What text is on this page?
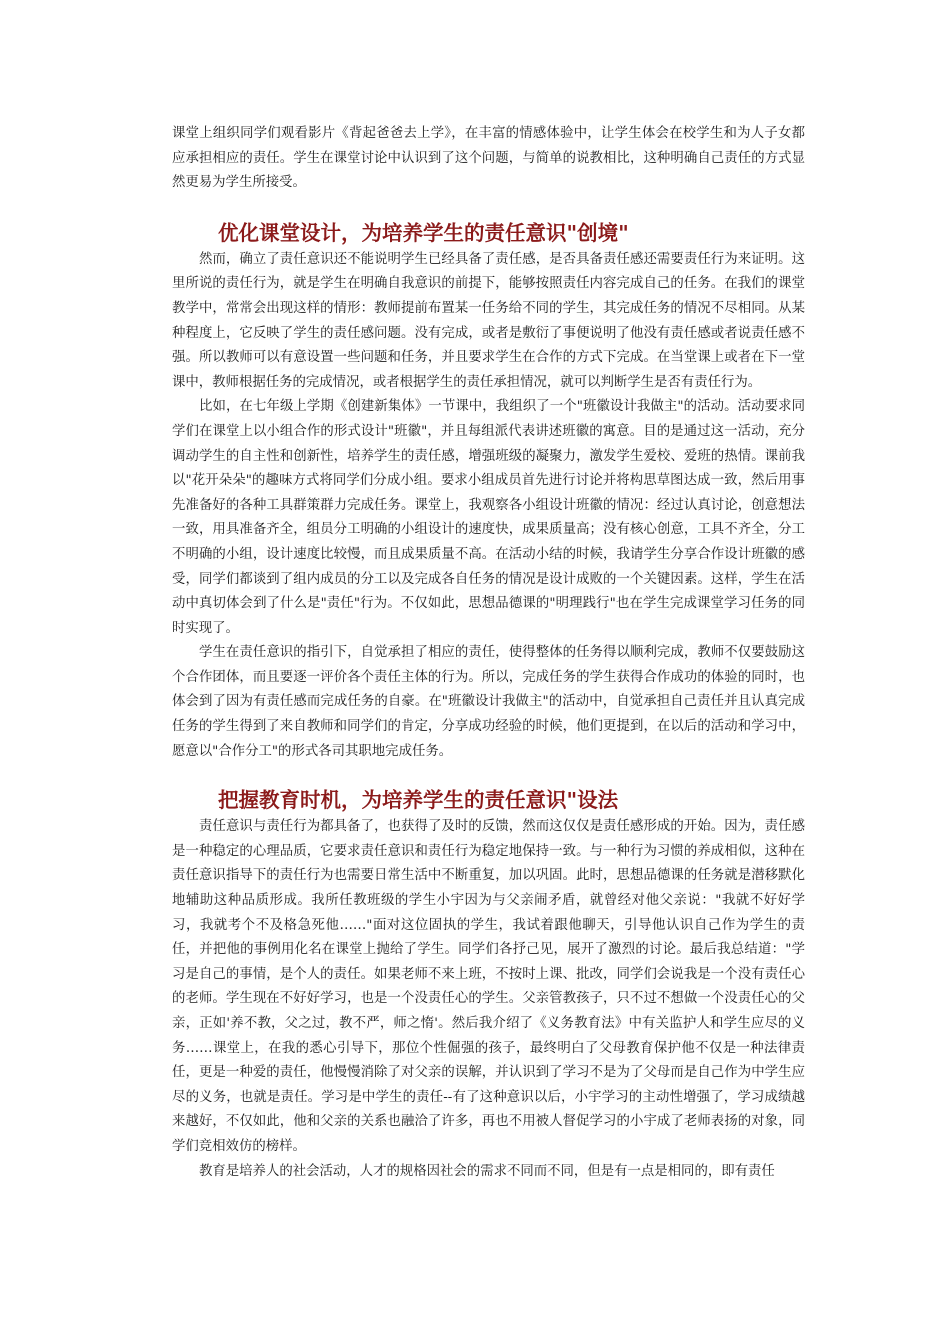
课堂上组织同学们观看影片《背起爸爸去上学》，在丰富的情感体验中，让学生体会在校学生和为人子女都应承担相应的责任。学生在课堂讨论中认识到了这个问题，与简单的说教相比，这种明确自己责任的方式显然更易为学生所接受。

优化课堂设计，为培养学生的责任意识"创境"

然而，确立了责任意识还不能说明学生已经具备了责任感，是否具备责任感还需要责任行为来证明。这里所说的责任行为，就是学生在明确自我意识的前提下，能够按照责任内容完成自己的任务。在我们的课堂教学中，常常会出现这样的情形：教师提前布置某一任务给不同的学生，其完成任务的情况不尽相同。从某种程度上，它反映了学生的责任感问题。没有完成，或者是敷衍了事便说明了他没有责任感或者说责任感不强。所以教师可以有意设置一些问题和任务，并且要求学生在合作的方式下完成。在当堂课上或者在下一堂课中，教师根据任务的完成情况，或者根据学生的责任承担情况，就可以判断学生是否有责任行为。

比如，在七年级上学期《创建新集体》一节课中，我组织了一个"班徽设计我做主"的活动。活动要求同学们在课堂上以小组合作的形式设计"班徽"，并且每组派代表讲述班徽的寓意。目的是通过这一活动，充分调动学生的自主性和创新性，培养学生的责任感，增强班级的凝聚力，激发学生爱校、爱班的热情。课前我以"花开朵朵"的趣味方式将同学们分成小组。要求小组成员首先进行讨论并将构思草图达成一致，然后用事先准备好的各种工具群策群力完成任务。课堂上，我观察各小组设计班徽的情况：经过认真讨论，创意想法一致，用具准备齐全，组员分工明确的小组设计的速度快，成果质量高；没有核心创意，工具不齐全，分工不明确的小组，设计速度比较慢，而且成果质量不高。在活动小结的时候，我请学生分享合作设计班徽的感受，同学们都谈到了组内成员的分工以及完成各自任务的情况是设计成败的一个关键因素。这样，学生在活动中真切体会到了什么是"责任"行为。不仅如此，思想品德课的"明理践行"也在学生完成课堂学习任务的同时实现了。

学生在责任意识的指引下，自觉承担了相应的责任，使得整体的任务得以顺利完成，教师不仅要鼓励这个合作团体，而且要逐一评价各个责任主体的行为。所以，完成任务的学生获得合作成功的体验的同时，也体会到了因为有责任感而完成任务的自豪。在"班徽设计我做主"的活动中，自觉承担自己责任并且认真完成任务的学生得到了来自教师和同学们的肯定，分享成功经验的时候，他们更提到，在以后的活动和学习中，愿意以"合作分工"的形式各司其职地完成任务。

把握教育时机，为培养学生的责任意识"设法

责任意识与责任行为都具备了，也获得了及时的反馈，然而这仅仅是责任感形成的开始。因为，责任感是一种稳定的心理品质，它要求责任意识和责任行为稳定地保持一致。与一种行为习惯的养成相似，这种在责任意识指导下的责任行为也需要日常生活中不断重复，加以巩固。此时，思想品德课的任务就是潜移默化地辅助这种品质形成。我所任教班级的学生小宇因为与父亲闹矛盾，就曾经对他父亲说："我就不好好学习，我就考个不及格急死他……"面对这位固执的学生，我试着跟他聊天，引导他认识自己作为学生的责任，并把他的事例用化名在课堂上抛给了学生。同学们各抒己见，展开了激烈的讨论。最后我总结道："学习是自己的事情，是个人的责任。如果老师不来上班，不按时上课、批改，同学们会说我是一个没有责任心的老师。学生现在不好好学习，也是一个没责任心的学生。父亲管教孩子，只不过不想做一个没责任心的父亲，正如'养不教，父之过，教不严，师之惰'。然后我介绍了《义务教育法》中有关监护人和学生应尽的义务……课堂上，在我的悉心引导下，那位个性倔强的孩子，最终明白了父母教育保护他不仅是一种法律责任，更是一种爱的责任，他慢慢消除了对父亲的误解，并认识到了学习不是为了父母而是自己作为中学生应尽的义务，也就是责任。学习是中学生的责任--有了这种意识以后，小宇学习的主动性增强了，学习成绩越来越好，不仅如此，他和父亲的关系也融洽了许多，再也不用被人督促学习的小宇成了老师表扬的对象，同学们竞相效仿的榜样。

教育是培养人的社会活动，人才的规格因社会的需求不同而不同，但是有一点是相同的，即有责任
